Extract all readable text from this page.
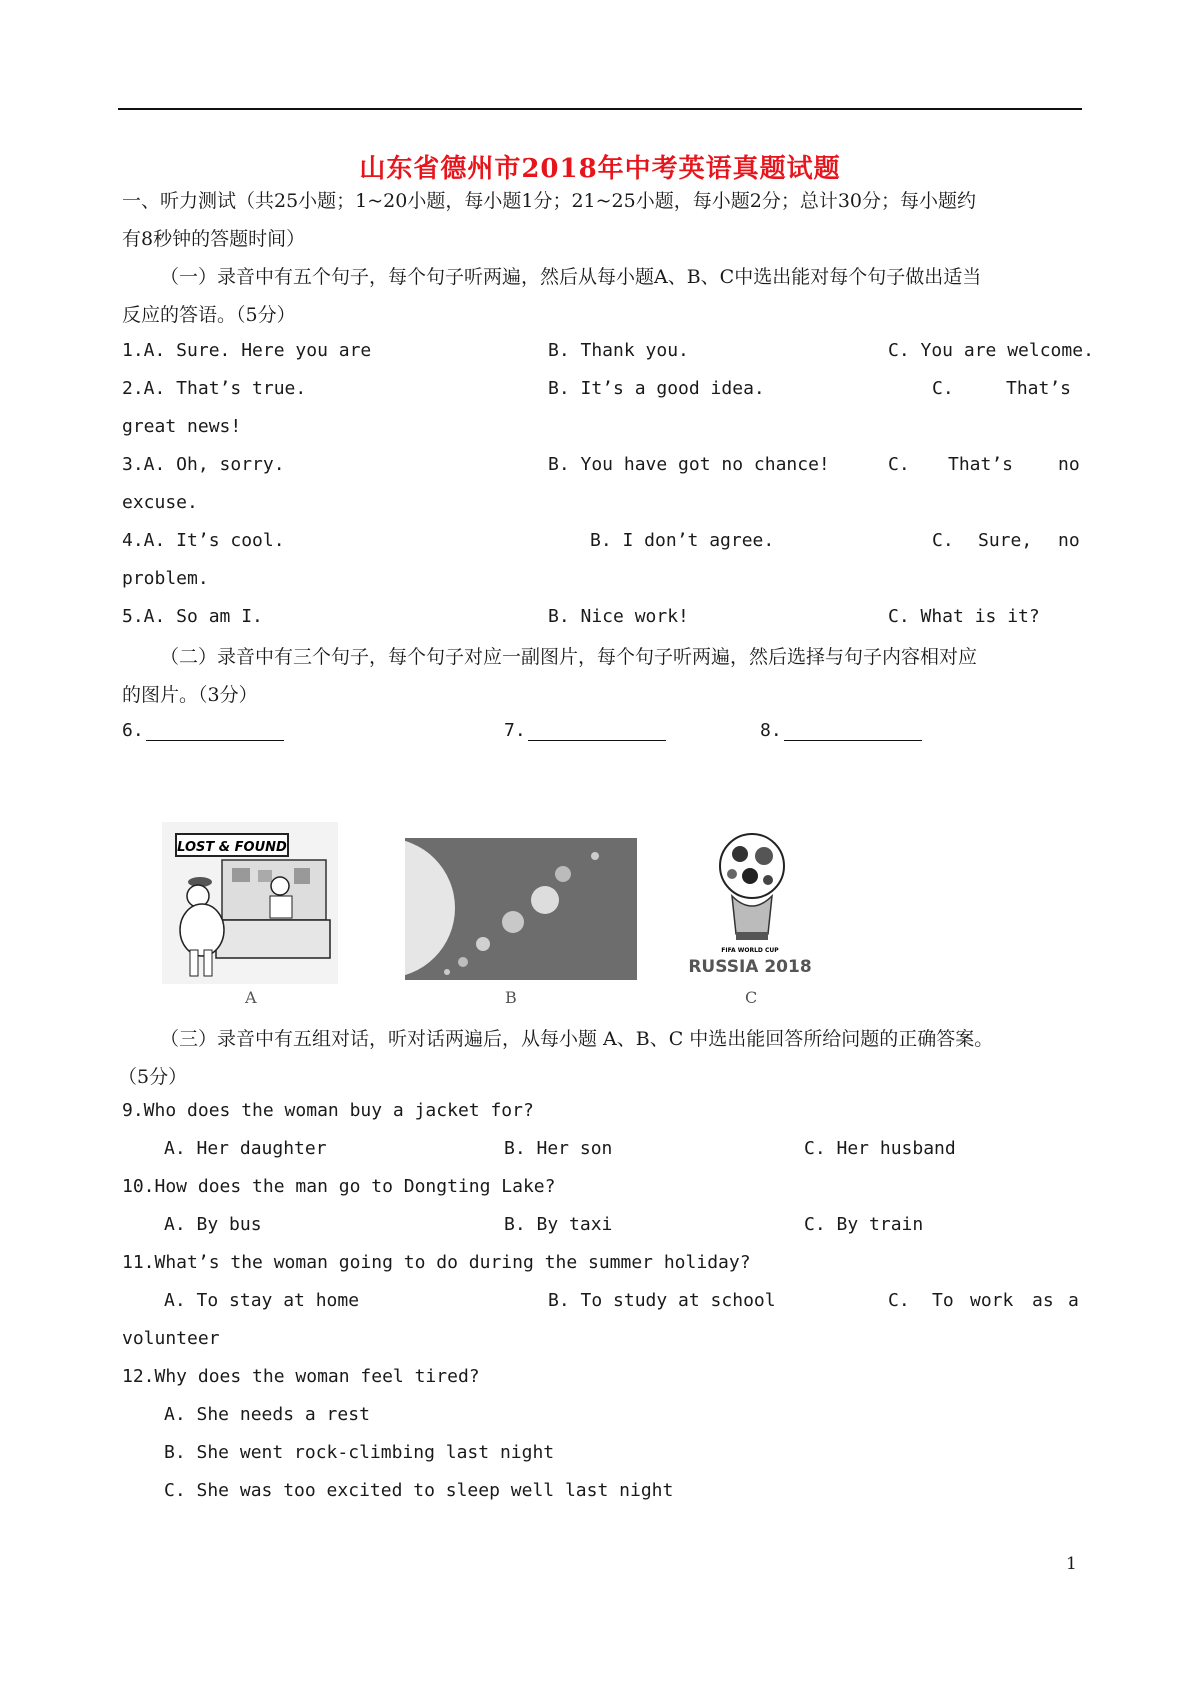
山东省德州市2018年中考英语真题试题
一、听力测试（共25小题；1~20小题，每小题1分；21~25小题，每小题2分；总计30分；每小题约
有8秒钟的答题时间）
（一）录音中有五个句子，每个句子听两遍，然后从每小题A、B、C中选出能对每个句子做出适当
反应的答语。（5分）
1.A. Sure. Here you are	B. Thank you.	C. You are welcome.
2.A. That’s true.	B. It’s a good idea.	C.	That’s
great news!
3.A. Oh, sorry.	B. You have got no chance!	C. That’s no
excuse.
4.A. It’s cool.	B. I don’t agree.	C. Sure, no
problem.
5.A. So am I.	B. Nice work!	C. What is it?
（二）录音中有三个句子，每个句子对应一副图片，每个句子听两遍，然后选择与句子内容相对应
的图片。（3分）
6.	7.	8.
LOST & FOUND
A	B
FIFA WORLD CUP
RUSSIA 2018
C
（三）录音中有五组对话，听对话两遍后，从每小题 A、B、C 中选出能回答所给问题的正确答案。
（5分）
9.Who does the woman buy a jacket for?
A. Her daughter	B. Her son	C. Her husband
10.How does the man go to Dongting Lake?
A. By bus	B. By taxi	C. By train
11.What’s the woman going to do during the summer holiday?
A. To stay at home	B. To study at school	C. To work as a
volunteer
12.Why does the woman feel tired?
A. She needs a rest
B. She went rock-climbing last night
C. She was too excited to sleep well last night
1
